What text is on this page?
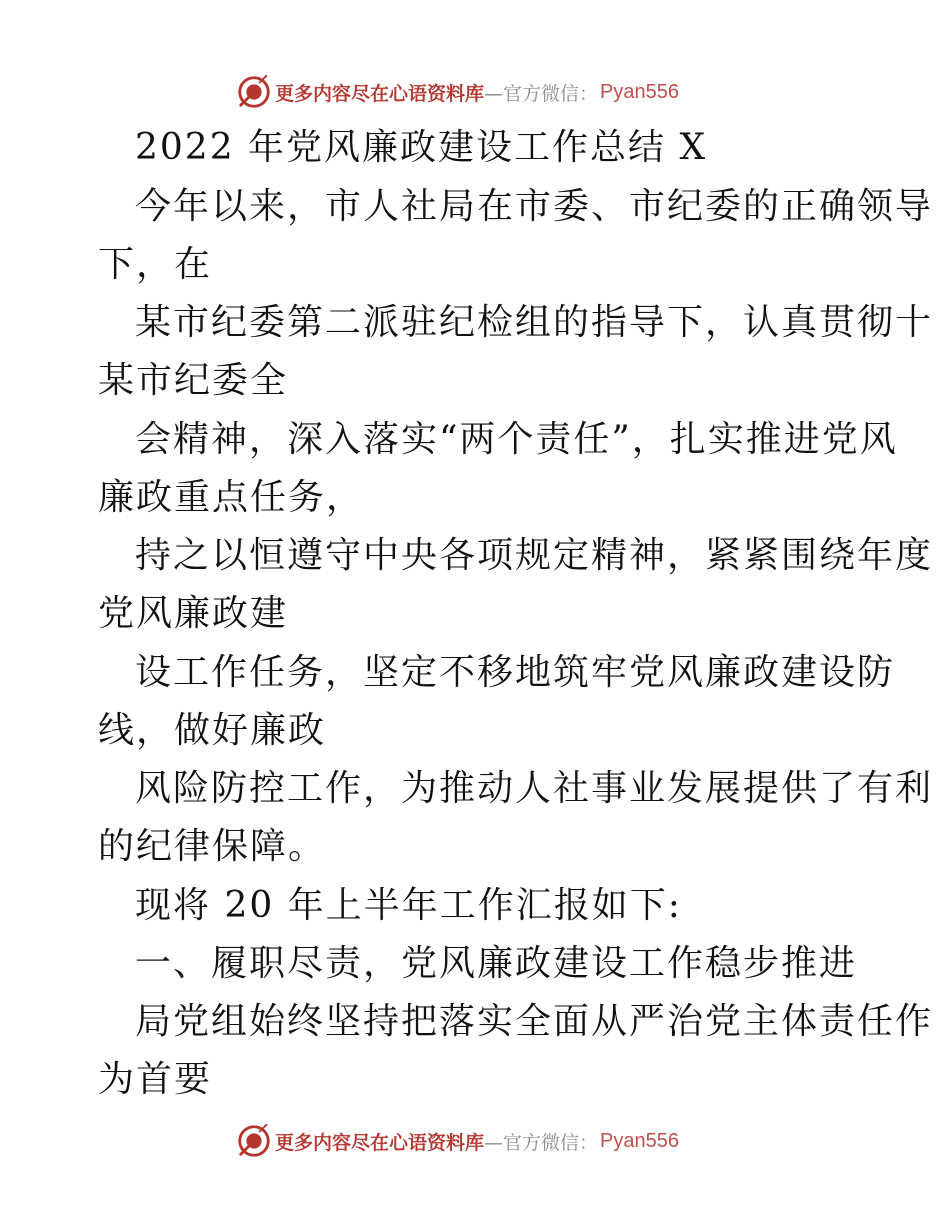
更多内容尽在心语资料库 —官方微信： Pyan556
2022 年党风廉政建设工作总结 X
今年以来，市人社局在市委、市纪委的正确领导
下，在
某市纪委第二派驻纪检组的指导下，认真贯彻十
某市纪委全
会精神，深入落实“两个责任”，扎实推进党风
廉政重点任务，
持之以恒遵守中央各项规定精神，紧紧围绕年度
党风廉政建
设工作任务，坚定不移地筑牢党风廉政建设防
线，做好廉政
风险防控工作，为推动人社事业发展提供了有利
的纪律保障。
现将 20 年上半年工作汇报如下:
一、履职尽责，党风廉政建设工作稳步推进
局党组始终坚持把落实全面从严治党主体责任作
为首要
更多内容尽在心语资料库 —官方微信： Pyan556
